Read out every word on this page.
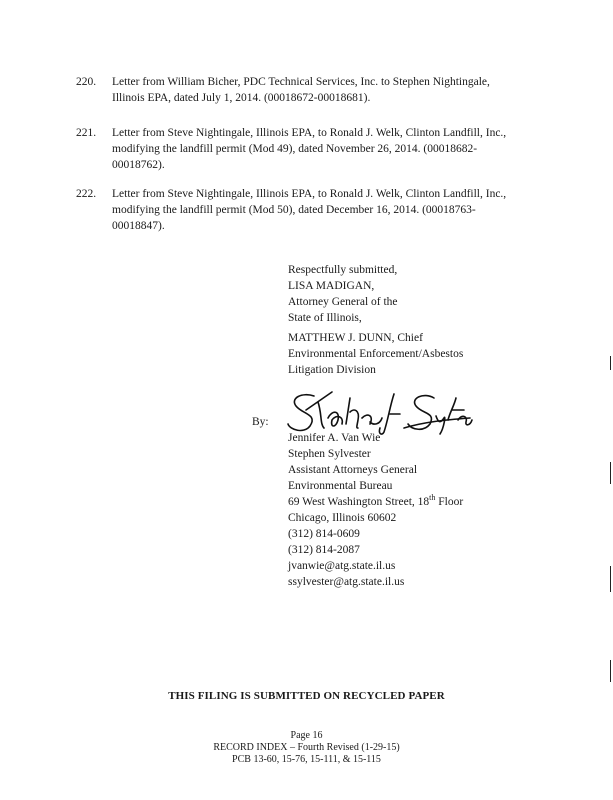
220.	Letter from William Bicher, PDC Technical Services, Inc. to Stephen Nightingale,
Illinois EPA, dated July 1, 2014. (00018672-00018681).
221.	Letter from Steve Nightingale, Illinois EPA, to Ronald J. Welk, Clinton Landfill, Inc.,
modifying the landfill permit (Mod 49), dated November 26, 2014. (00018682-
00018762).
222.	Letter from Steve Nightingale, Illinois EPA, to Ronald J. Welk, Clinton Landfill, Inc.,
modifying the landfill permit (Mod 50), dated December 16, 2014. (00018763-
00018847).
Respectfully submitted,
LISA MADIGAN,
Attorney General of the
State of Illinois,
MATTHEW J. DUNN, Chief
Environmental Enforcement/Asbestos
Litigation Division
By:
Jennifer A. Van Wie
Stephen Sylvester
Assistant Attorneys General
Environmental Bureau
69 West Washington Street, 18th Floor
Chicago, Illinois 60602
(312) 814-0609
(312) 814-2087
jvanwie@atg.state.il.us
ssylvester@atg.state.il.us
THIS FILING IS SUBMITTED ON RECYCLED PAPER
Page 16
RECORD INDEX – Fourth Revised (1-29-15)
PCB 13-60, 15-76, 15-111, & 15-115
